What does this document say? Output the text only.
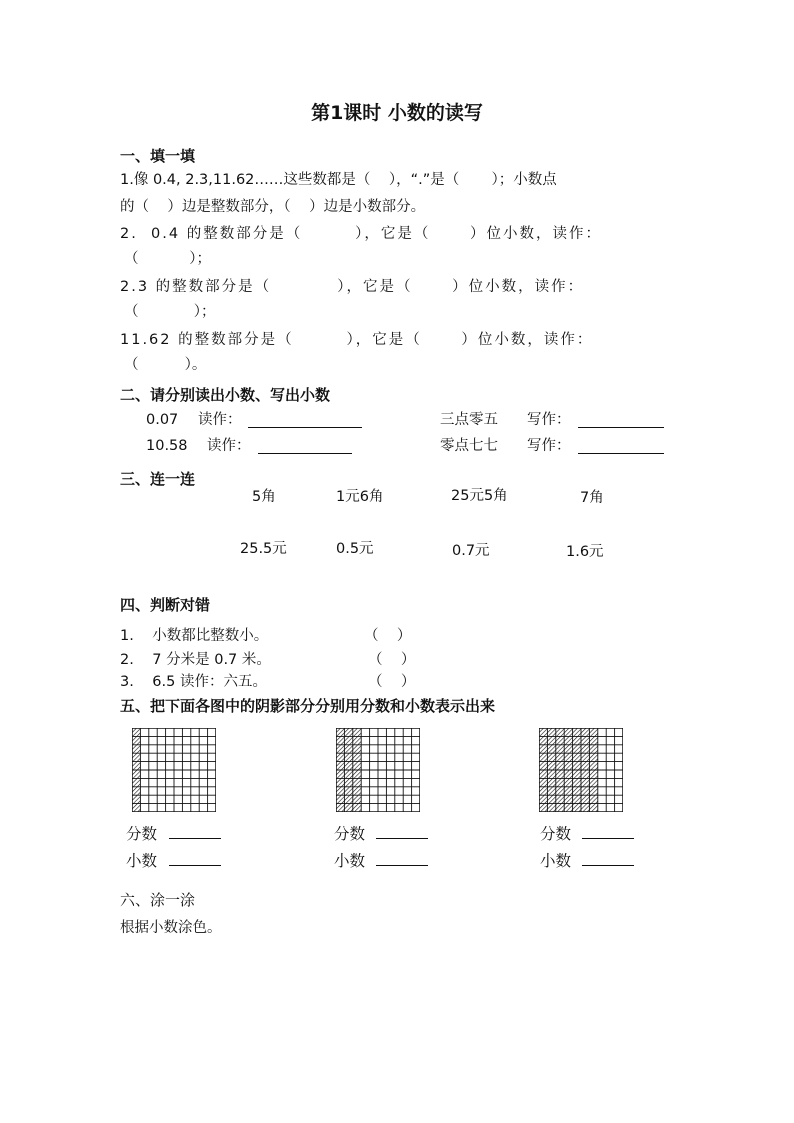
第1课时 小数的读写
一、填一填
1.像 0.4, 2.3,11.62……这些数都是（    ），“.”是（       ）；小数点
的（    ）边是整数部分，（    ）边是小数部分。
2.  0.4 的整数部分是（        ），它是（      ）位小数，读作：
（           ）；
2.3 的整数部分是（          ），它是（      ）位小数，读作：
（            ）；
11.62 的整数部分是（        ），它是（      ）位小数，读作：
（          ）。
二、请分别读出小数、写出小数
0.07 读作：	三点零五 写作：
10.58 读作：	零点七七 写作：
三、连一连
5角	1元6角	25元5角	7角
25.5元	0.5元	0.7元	1.6元
四、判断对错
1.    小数都比整数小。	（    ）
2.    7 分米是 0.7 米。	（    ）
3.    6.5 读作：六五。	（    ）
五、把下面各图中的阴影部分分别用分数和小数表示出来
分数
小数
分数
小数
分数
小数
六、涂一涂
根据小数涂色。
